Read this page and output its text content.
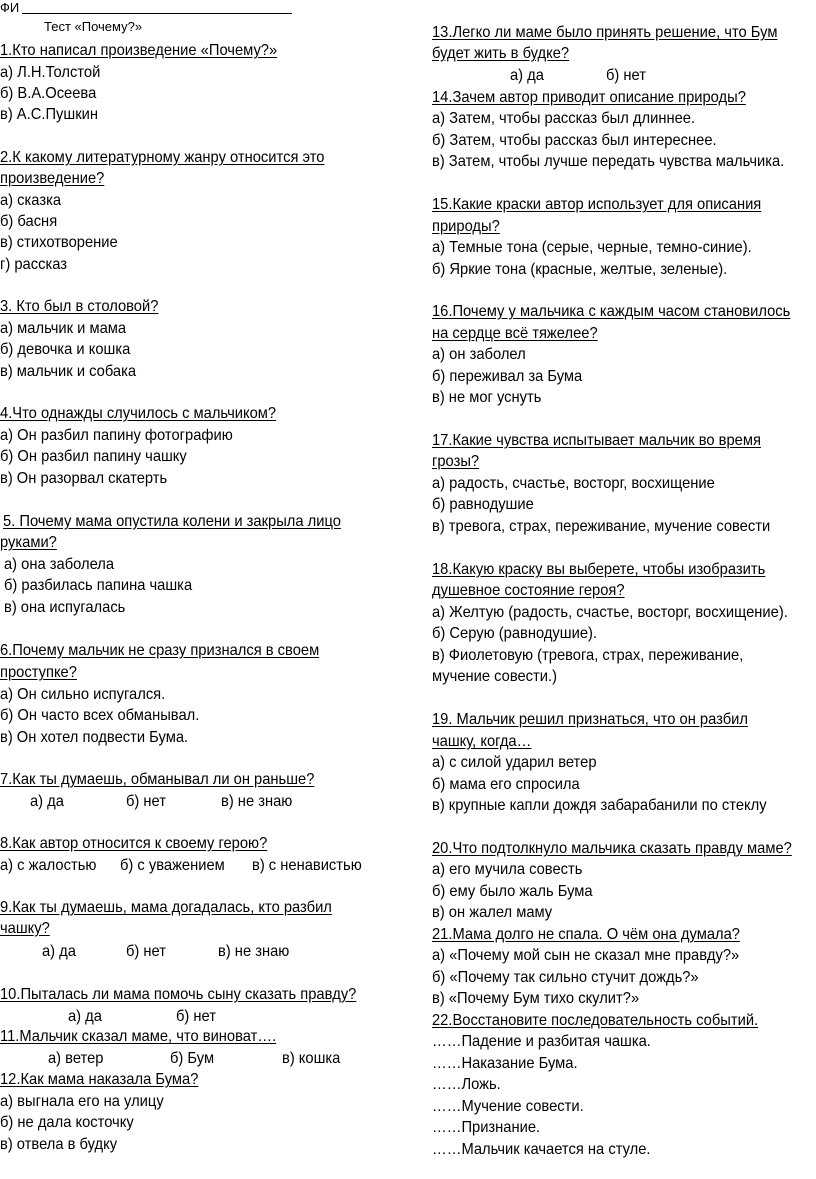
ФИ
Тест «Почему?»
1.Кто написал произведение «Почему?»
а) Л.Н.Толстой
б) В.А.Осеева
в) А.С.Пушкин
2.К какому литературному жанру относится это
произведение?
а) сказка
б) басня
в) стихотворение
г) рассказ
3. Кто был в столовой?
а) мальчик и мама
б) девочка и кошка
в) мальчик и собака
4.Что однажды случилось с мальчиком?
а) Он разбил папину фотографию
б) Он разбил папину чашку
в) Он разорвал скатерть
5. Почему мама опустила колени и закрыла лицо
руками?
а) она заболела
б) разбилась папина чашка
в) она испугалась
6.Почему мальчик не сразу признался в своем
проступке?
а) Он сильно испугался.
б) Он часто всех обманывал.
в) Он хотел подвести Бума.
7.Как ты думаешь, обманывал ли он раньше?
а) да	б) нет	в) не знаю
8.Как автор относится к своему герою?
а) с жалостью б) с уважением в) с ненавистью
9.Как ты думаешь, мама догадалась, кто разбил
чашку?
а) да	б) нет	в) не знаю
10.Пыталась ли мама помочь сыну сказать правду?
а) да	б) нет
11.Мальчик сказал маме, что виноват….
а) ветер	б) Бум	в) кошка
12.Как мама наказала Бума?
а) выгнала его на улицу
б) не дала косточку
в) отвела в будку
13.Легко ли маме было принять решение, что Бум
будет жить в будке?
а) да	б) нет
14.Зачем автор приводит описание природы?
а) Затем, чтобы рассказ был длиннее.
б) Затем, чтобы рассказ был интереснее.
в) Затем, чтобы лучше передать чувства мальчика.
15.Какие краски автор использует для описания
природы?
а) Темные тона (серые, черные, темно-синие).
б) Яркие тона (красные, желтые, зеленые).
16.Почему у мальчика с каждым часом становилось
на сердце всё тяжелее?
а) он заболел
б) переживал за Бума
в) не мог уснуть
17.Какие чувства испытывает мальчик во время
грозы?
а) радость, счастье, восторг, восхищение
б) равнодушие
в) тревога, страх, переживание, мучение совести
18.Какую краску вы выберете, чтобы изобразить
душевное состояние героя?
а) Желтую (радость, счастье, восторг, восхищение).
б) Серую (равнодушие).
в) Фиолетовую (тревога, страх, переживание,
мучение совести.)
19. Мальчик решил признаться, что он разбил
чашку, когда…
а) с силой ударил ветер
б) мама его спросила
в) крупные капли дождя забарабанили по стеклу
20.Что подтолкнуло мальчика сказать правду маме?
а) его мучила совесть
б) ему было жаль Бума
в) он жалел маму
21.Мама долго не спала. О чём она думала?
а) «Почему мой сын не сказал мне правду?»
б) «Почему так сильно стучит дождь?»
в) «Почему Бум тихо скулит?»
22.Восстановите последовательность событий.
……Падение и разбитая чашка.
……Наказание Бума.
……Ложь.
……Мучение совести.
……Признание.
……Мальчик качается на стуле.
